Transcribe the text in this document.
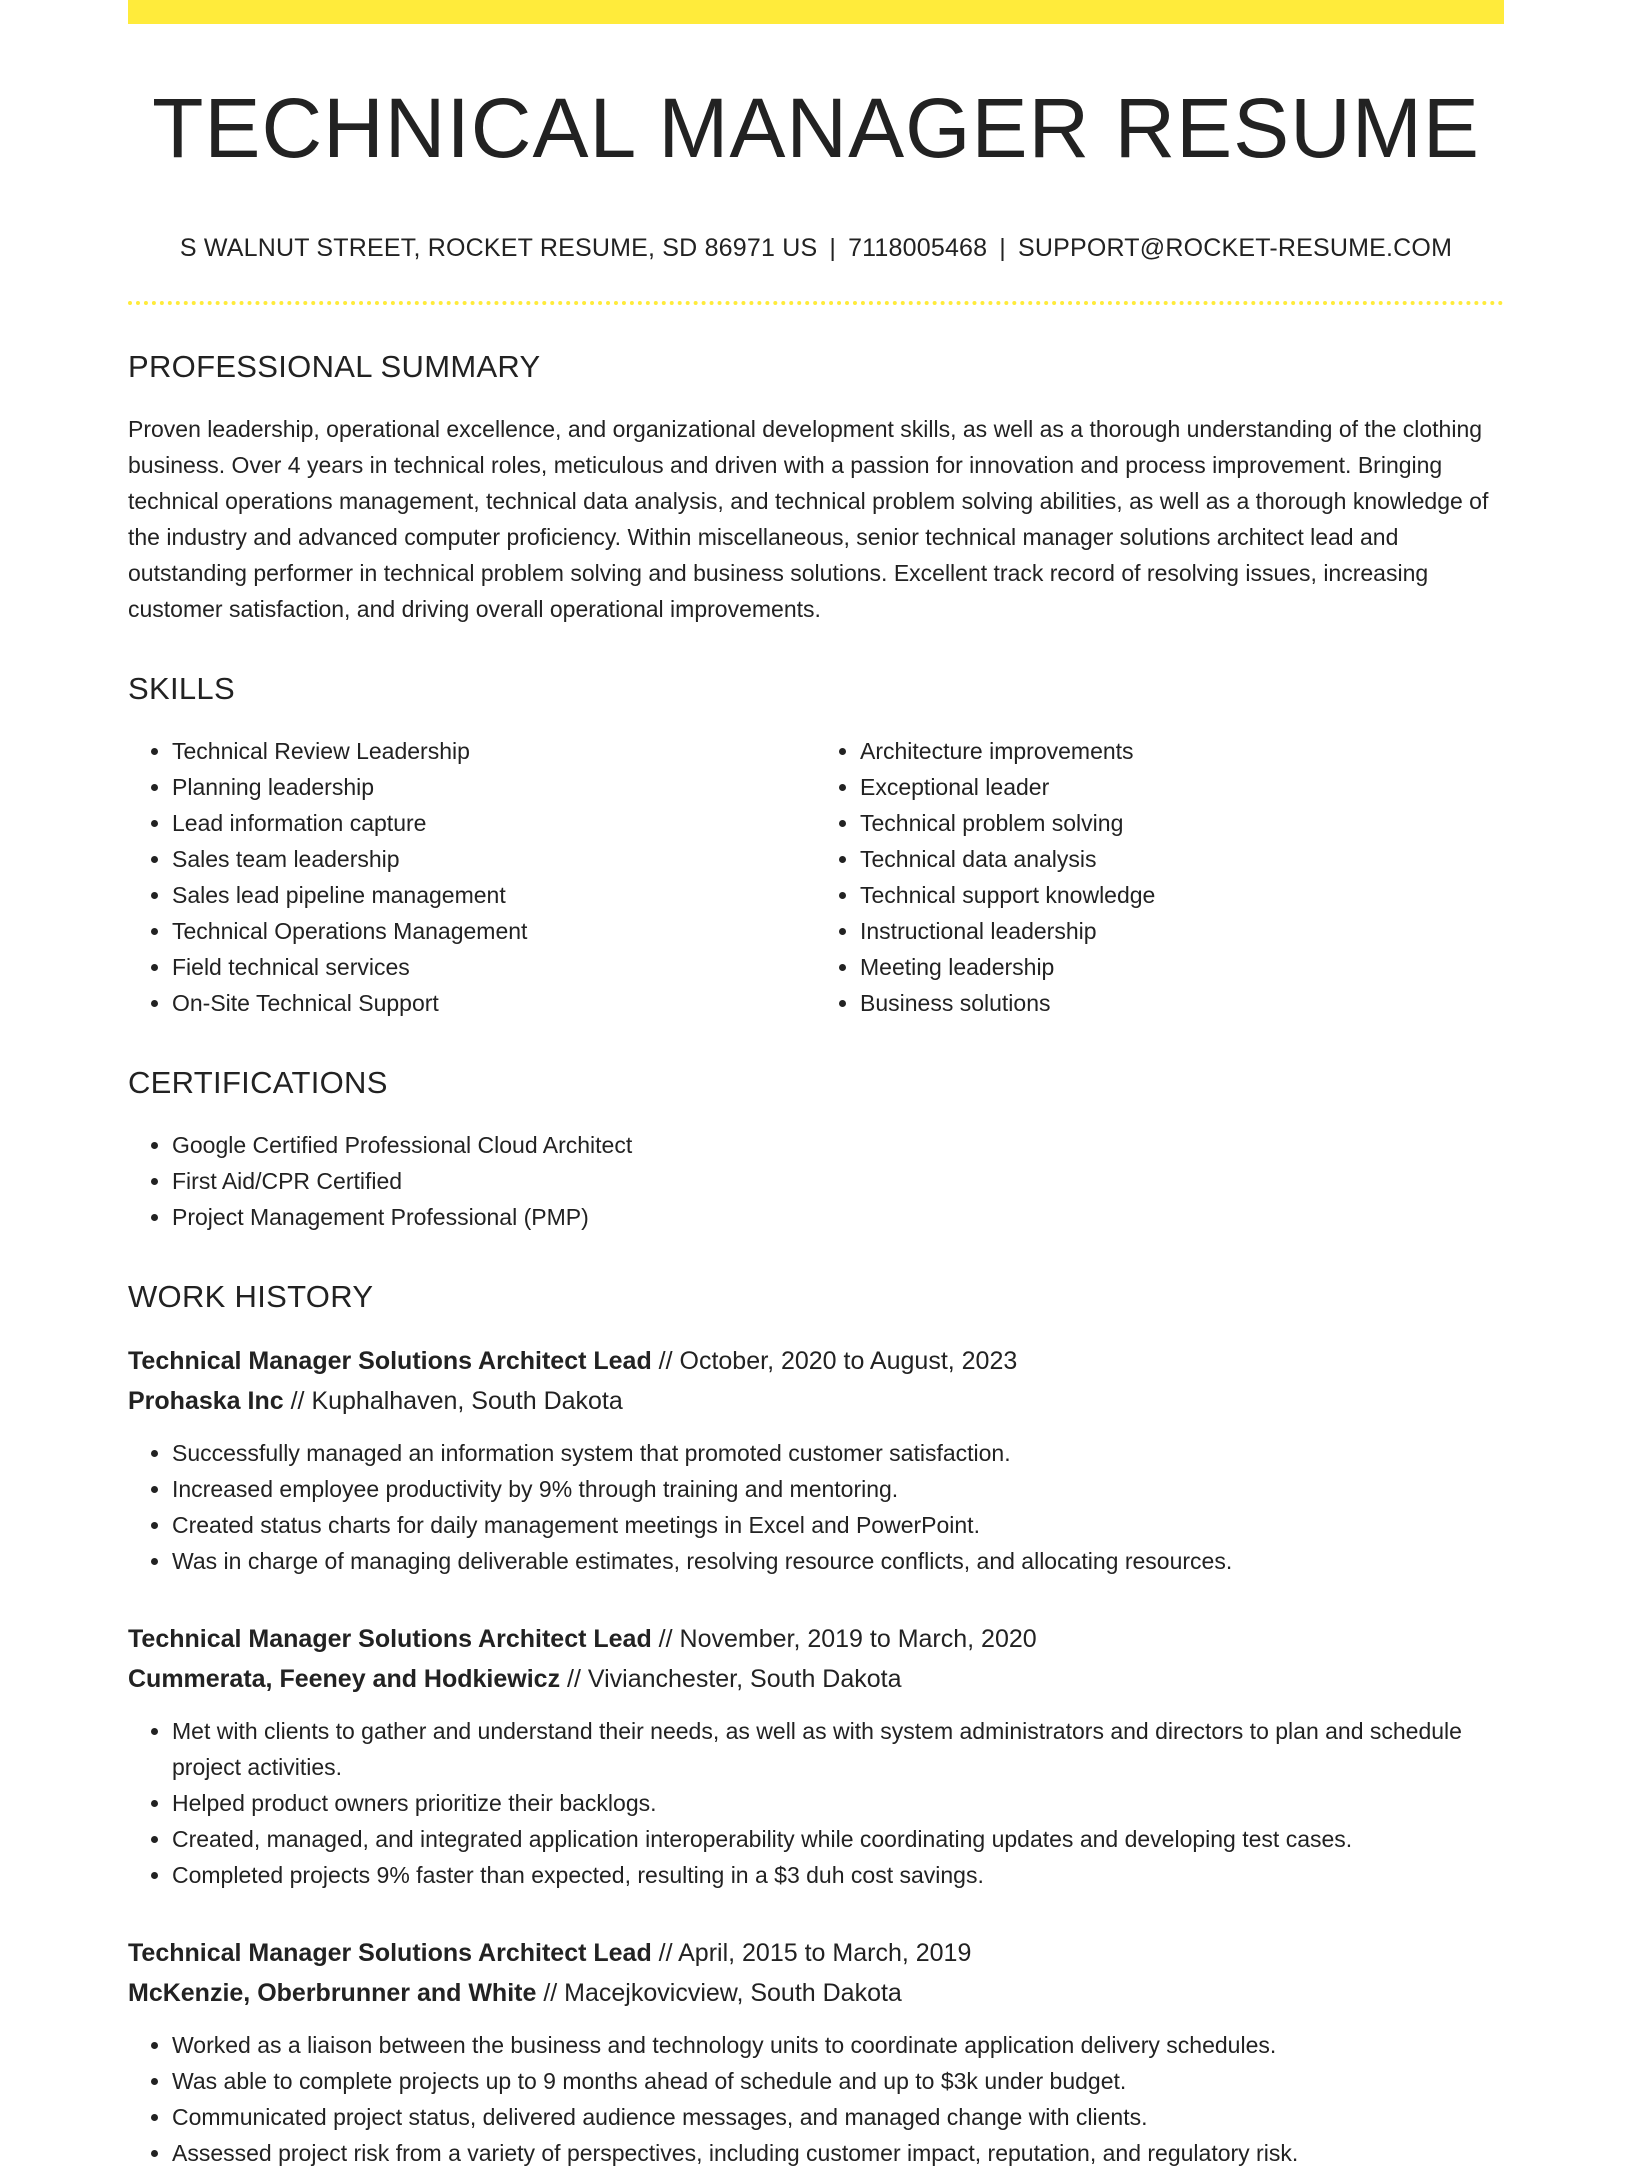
TECHNICAL MANAGER RESUME
S WALNUT STREET, ROCKET RESUME, SD 86971 US | 7118005468 | SUPPORT@ROCKET-RESUME.COM
PROFESSIONAL SUMMARY

Proven leadership, operational excellence, and organizational development skills, as well as a thorough understanding of the clothing business. Over 4 years in technical roles, meticulous and driven with a passion for innovation and process improvement. Bringing technical operations management, technical data analysis, and technical problem solving abilities, as well as a thorough knowledge of the industry and advanced computer proficiency. Within miscellaneous, senior technical manager solutions architect lead and outstanding performer in technical problem solving and business solutions. Excellent track record of resolving issues, increasing customer satisfaction, and driving overall operational improvements.

SKILLS
• Technical Review Leadership
• Planning leadership
• Lead information capture
• Sales team leadership
• Sales lead pipeline management
• Technical Operations Management
• Field technical services
• On-Site Technical Support
• Architecture improvements
• Exceptional leader
• Technical problem solving
• Technical data analysis
• Technical support knowledge
• Instructional leadership
• Meeting leadership
• Business solutions
CERTIFICATIONS
• Google Certified Professional Cloud Architect
• First Aid/CPR Certified
• Project Management Professional (PMP)
WORK HISTORY
Technical Manager Solutions Architect Lead // October, 2020 to August, 2023
Prohaska Inc // Kuphalhaven, South Dakota
• Successfully managed an information system that promoted customer satisfaction.
• Increased employee productivity by 9% through training and mentoring.
• Created status charts for daily management meetings in Excel and PowerPoint.
• Was in charge of managing deliverable estimates, resolving resource conflicts, and allocating resources.
Technical Manager Solutions Architect Lead // November, 2019 to March, 2020
Cummerata, Feeney and Hodkiewicz // Vivianchester, South Dakota
• Met with clients to gather and understand their needs, as well as with system administrators and directors to plan and schedule project activities.
• Helped product owners prioritize their backlogs.
• Created, managed, and integrated application interoperability while coordinating updates and developing test cases.
• Completed projects 9% faster than expected, resulting in a $3 duh cost savings.
Technical Manager Solutions Architect Lead // April, 2015 to March, 2019
McKenzie, Oberbrunner and White // Macejkovicview, South Dakota
• Worked as a liaison between the business and technology units to coordinate application delivery schedules.
• Was able to complete projects up to 9 months ahead of schedule and up to $3k under budget.
• Communicated project status, delivered audience messages, and managed change with clients.
• Assessed project risk from a variety of perspectives, including customer impact, reputation, and regulatory risk.
